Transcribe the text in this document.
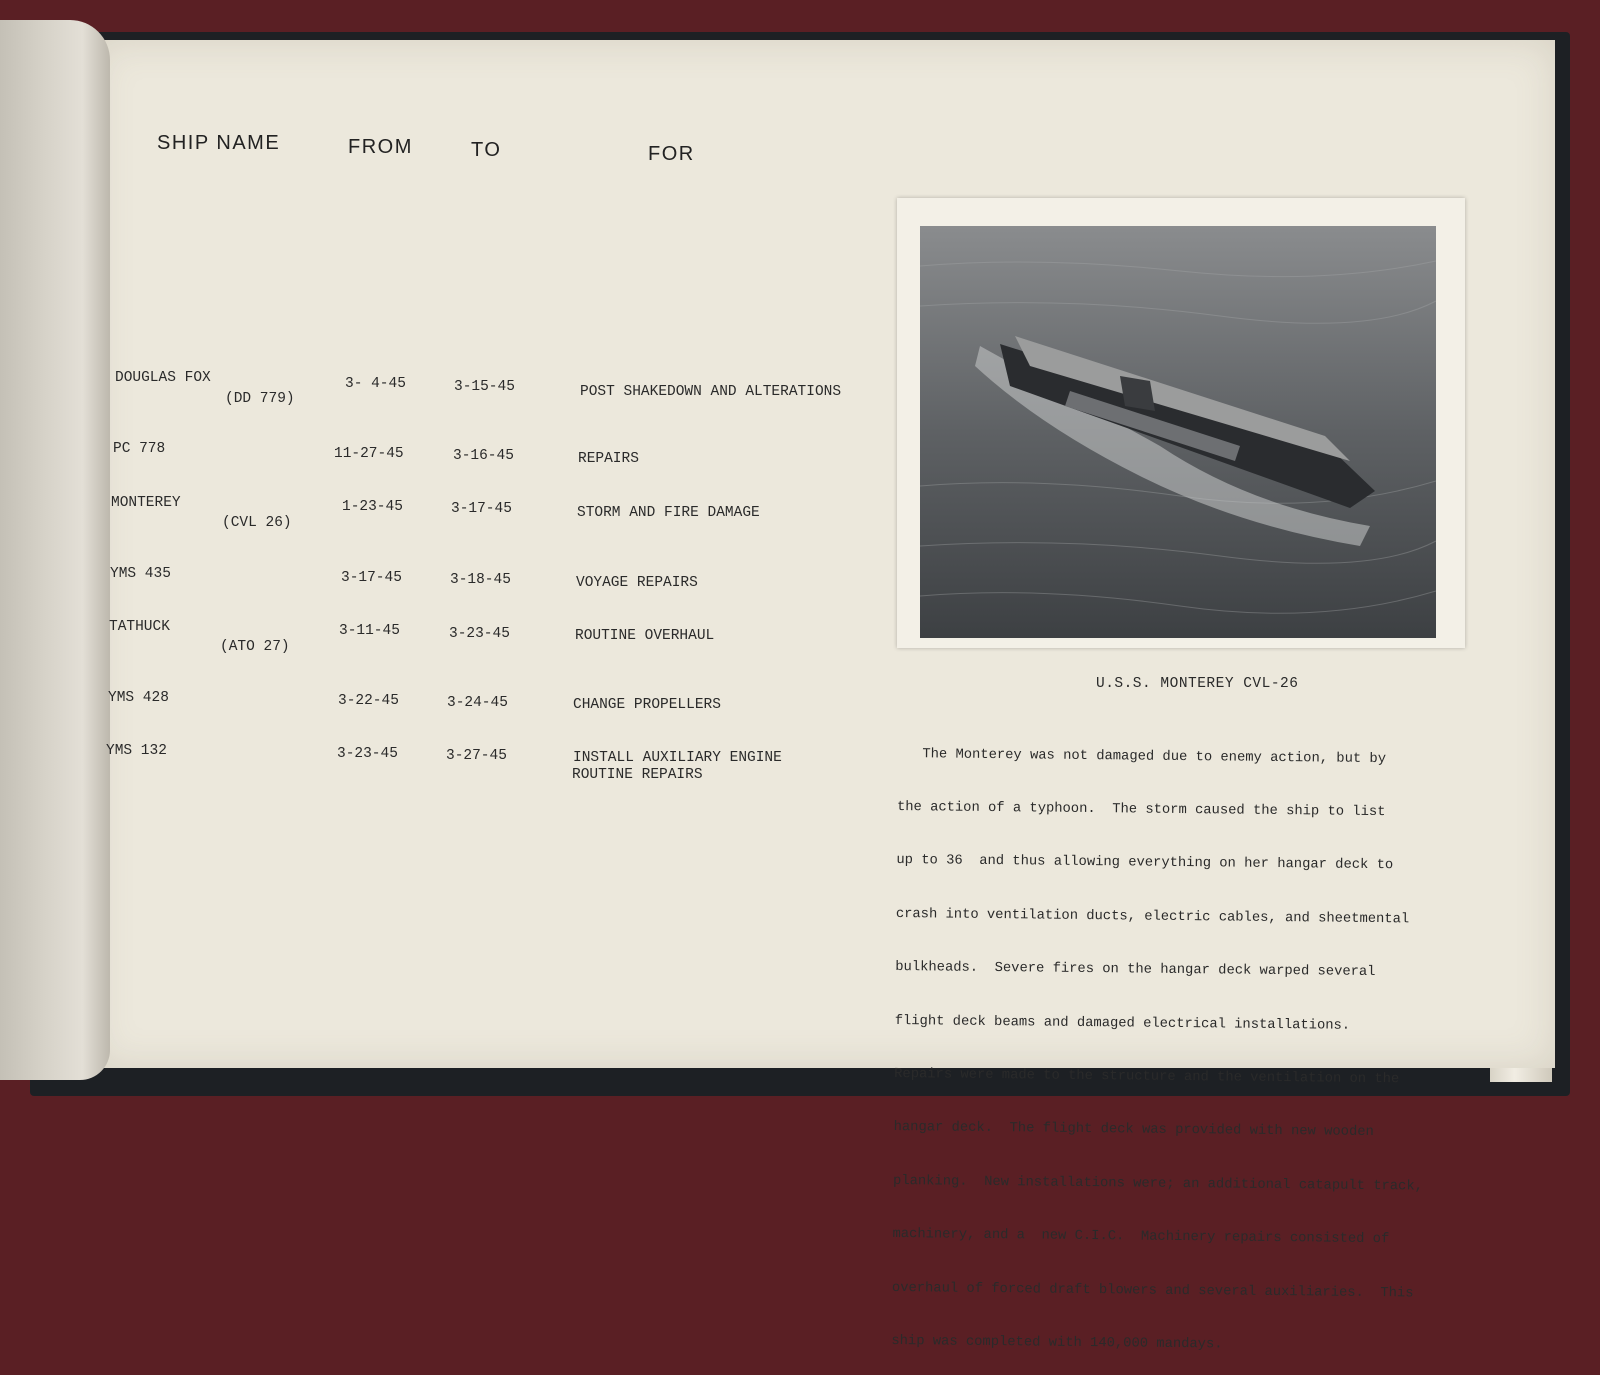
SHIP NAME	FROM	TO	FOR
DOUGLAS FOX
(DD 779)
3- 4-45	3-15-45	POST SHAKEDOWN AND ALTERATIONS
PC 778	11-27-45	3-16-45	REPAIRS
MONTEREY
(CVL 26)
1-23-45	3-17-45	STORM AND FIRE DAMAGE
YMS 435	3-17-45	3-18-45	VOYAGE REPAIRS
TATHUCK
(ATO 27)
3-11-45	3-23-45	ROUTINE OVERHAUL
YMS 428	3-22-45	3-24-45	CHANGE PROPELLERS
YMS 132	3-23-45	3-27-45	INSTALL AUXILIARY ENGINE
ROUTINE REPAIRS
U.S.S. MONTEREY CVL-26

The Monterey was not damaged due to enemy action, but by

the action of a typhoon.  The storm caused the ship to list

up to 36  and thus allowing everything on her hangar deck to

crash into ventilation ducts, electric cables, and sheetmental

bulkheads.  Severe fires on the hangar deck warped several

flight deck beams and damaged electrical installations.

Repairs were made to the structure and the ventilation on the

hangar deck.  The flight deck was provided with new wooden

planking.  New installations were; an additional catapult track,

machinery, and a  new C.I.C.  Machinery repairs consisted of

overhaul of forced draft blowers and several auxiliaries.  This

ship was completed with 140,000 mandays.
